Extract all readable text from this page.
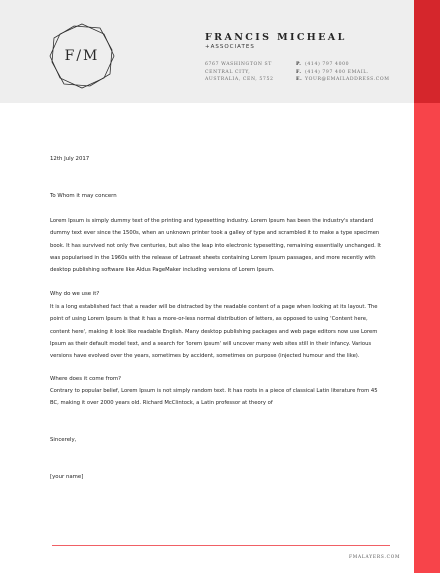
F/M
FRANCIS MICHEAL
+ASSOCIATES
6767 WASHINGTON ST
CENTRAL CITY,
AUSTRALIA, CEN, 5752
P. (414) 797 4000
F. (414) 797 400 EMAIL.
E. YOUR@EMAILADDRESS.COM
12th July 2017
To Whom it may concern
Lorem Ipsum is simply dummy text of the printing and typesetting industry. Lorem Ipsum has been the industry's standard dummy text ever since the 1500s, when an unknown printer took a galley of type and scrambled it to make a type specimen book. It has survived not only five centuries, but also the leap into electronic typesetting, remaining essentially unchanged. It was popularised in the 1960s with the release of Letraset sheets containing Lorem Ipsum passages, and more recently with desktop publishing software like Aldus PageMaker including versions of Lorem Ipsum.
Why do we use it?
It is a long established fact that a reader will be distracted by the readable content of a page when looking at its layout. The point of using Lorem Ipsum is that it has a more-or-less normal distribution of letters, as opposed to using 'Content here, content here', making it look like readable English. Many desktop publishing packages and web page editors now use Lorem Ipsum as their default model text, and a search for 'lorem ipsum' will uncover many web sites still in their infancy. Various versions have evolved over the years, sometimes by accident, sometimes on purpose (injected humour and the like).
Where does it come from?
Contrary to popular belief, Lorem Ipsum is not simply random text. It has roots in a piece of classical Latin literature from 45 BC, making it over 2000 years old. Richard McClintock, a Latin professor at theory of
Sincerely,
[your name]
FMALAYERS.COM
